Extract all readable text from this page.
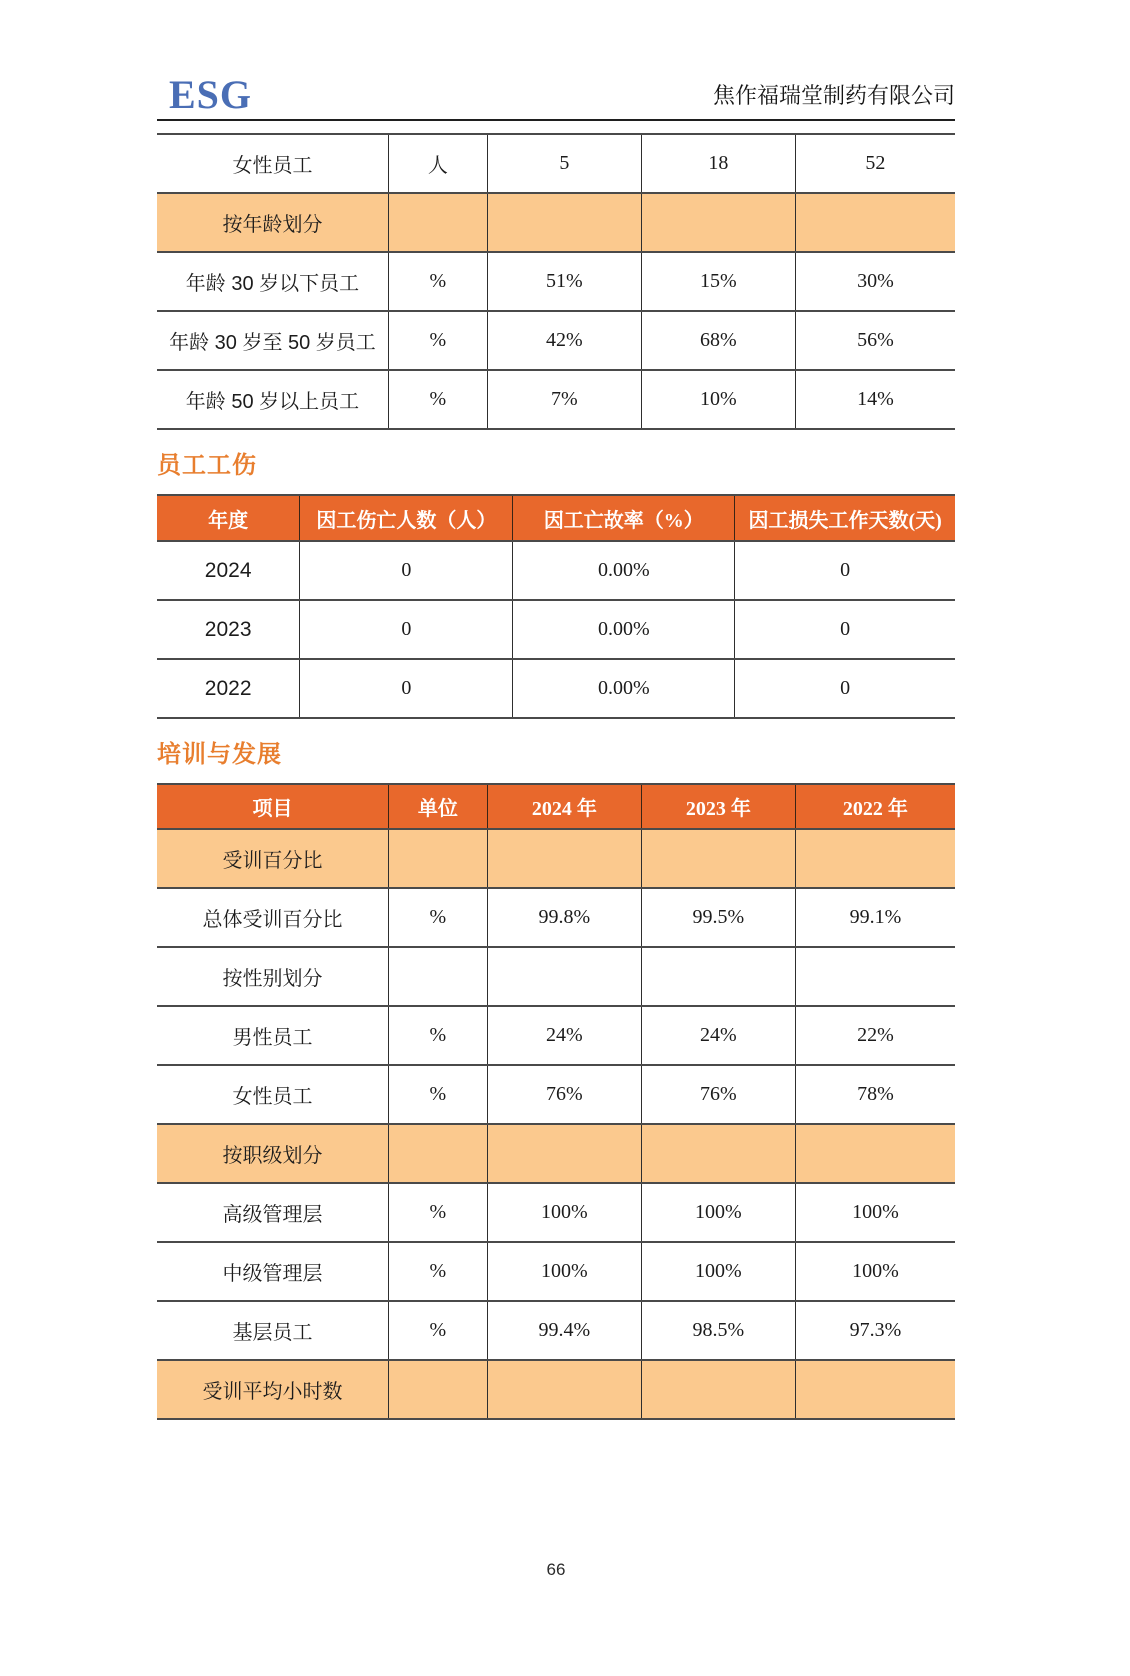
ESG	焦作福瑞堂制药有限公司
女性员工	人	5	18	52
按年龄划分				
年龄 30 岁以下员工	%	51%	15%	30%
年龄 30 岁至 50 岁员工	%	42%	68%	56%
年龄 50 岁以上员工	%	7%	10%	14%
员工工伤
年度	因工伤亡人数（人）	因工亡故率（%）	因工损失工作天数(天)
2024	0	0.00%	0
2023	0	0.00%	0
2022	0	0.00%	0
培训与发展
项目	单位	2024 年	2023 年	2022 年
受训百分比				
总体受训百分比	%	99.8%	99.5%	99.1%
按性别划分				
男性员工	%	24%	24%	22%
女性员工	%	76%	76%	78%
按职级划分				
高级管理层	%	100%	100%	100%
中级管理层	%	100%	100%	100%
基层员工	%	99.4%	98.5%	97.3%
受训平均小时数				
66
